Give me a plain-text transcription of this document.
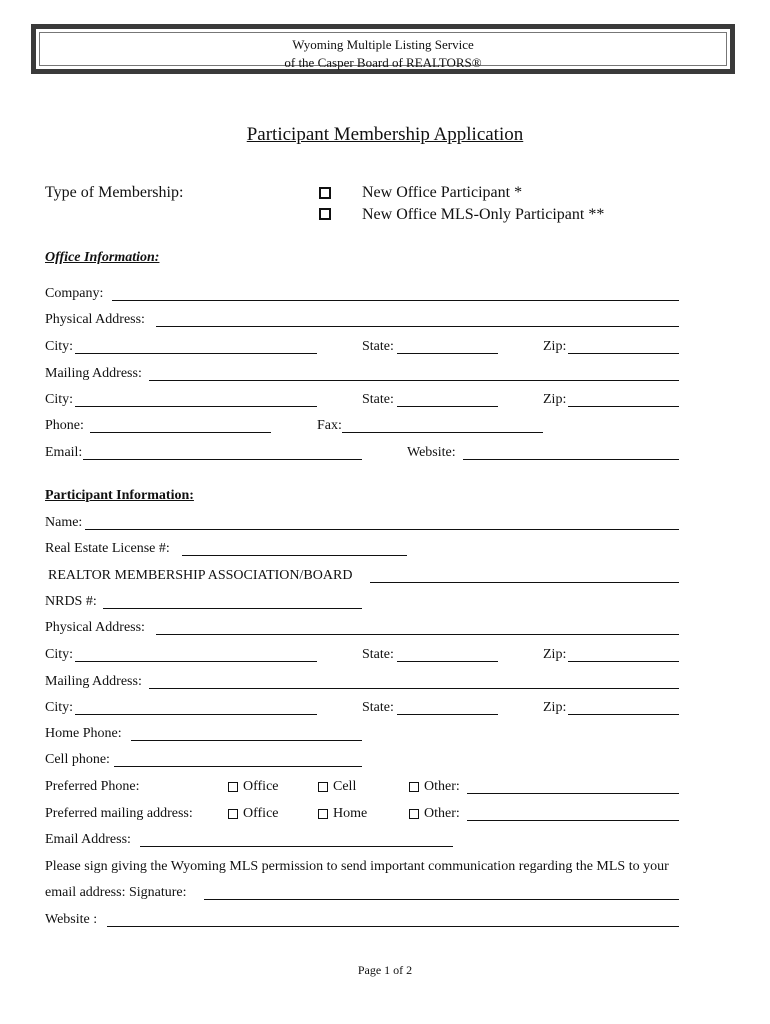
Wyoming Multiple Listing Service
of the Casper Board of REALTORS®
Participant Membership Application
Type of Membership:	New Office Participant *
New Office MLS-Only Participant **
Office Information:
Company:
Physical Address:
City:	State:	Zip:
Mailing Address:
City:	State:	Zip:
Phone:	Fax:
Email:	Website:
Participant Information:
Name:
Real Estate License #:
REALTOR MEMBERSHIP ASSOCIATION/BOARD
NRDS #:
Physical Address:
City:	State:	Zip:
Mailing Address:
City:	State:	Zip:
Home Phone:
Cell phone:
Preferred Phone:	Office	Cell	Other:
Preferred mailing address:	Office	Home	Other:
Email Address:
Please sign giving the Wyoming MLS permission to send important communication regarding the MLS to your
email address: Signature:
Website :
Page 1 of 2
